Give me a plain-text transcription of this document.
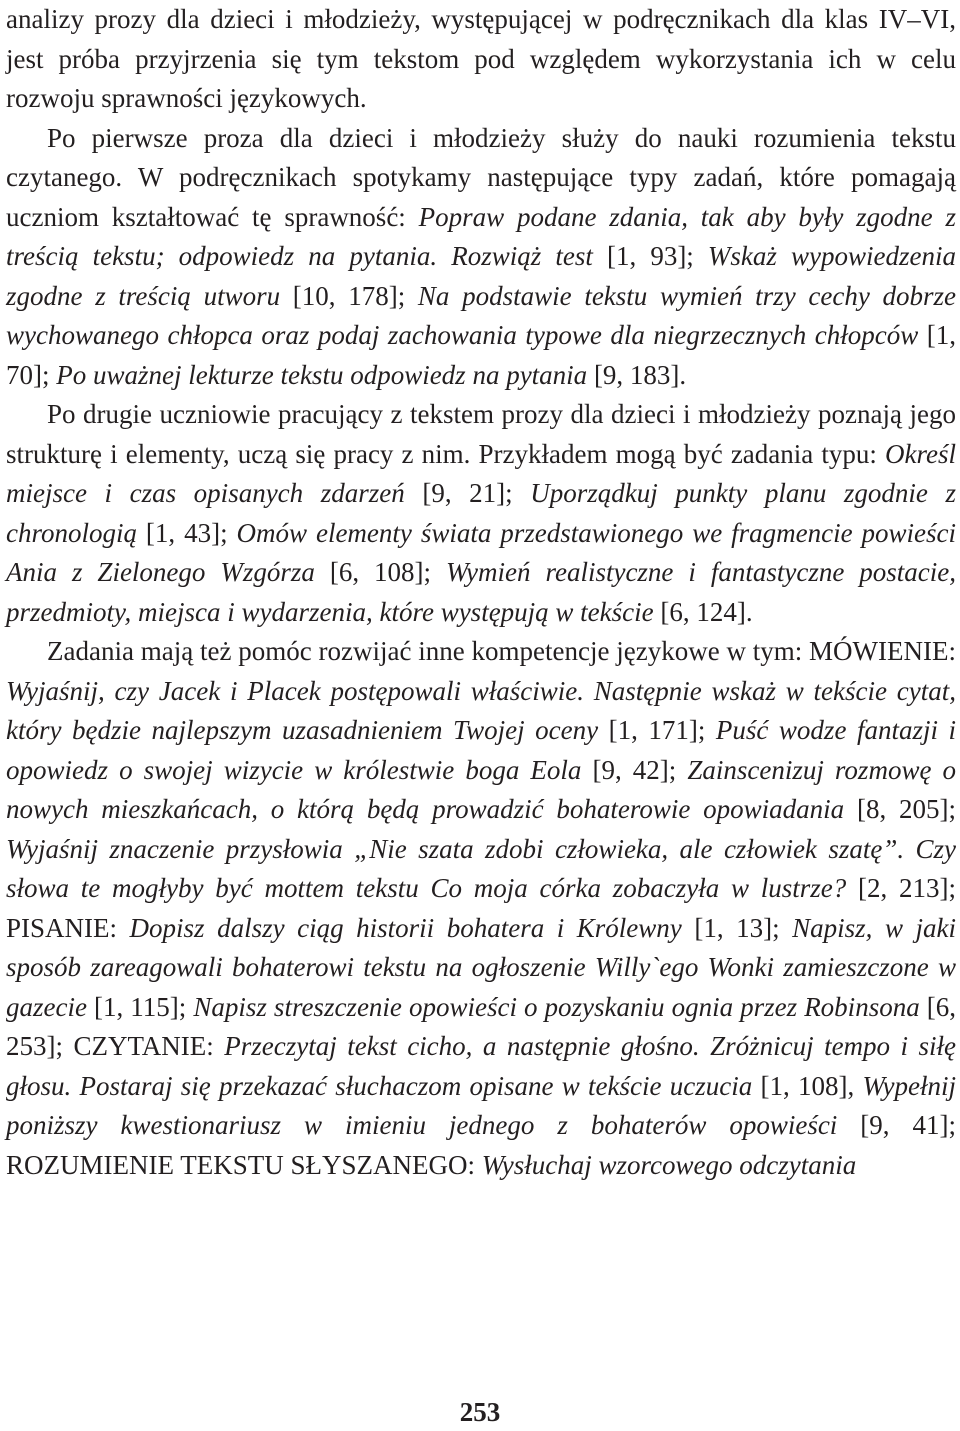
analizy prozy dla dzieci i młodzieży, występującej w podręcznikach dla klas IV–VI, jest próba przyjrzenia się tym tekstom pod względem wykorzystania ich w celu rozwoju sprawności językowych.

Po pierwsze proza dla dzieci i młodzieży służy do nauki rozumienia tekstu czytanego. W podręcznikach spotykamy następujące typy zadań, które pomagają uczniom kształtować tę sprawność: Popraw podane zdania, tak aby były zgodne z treścią tekstu; odpowiedz na pytania. Rozwiąż test [1, 93]; Wskaż wypowiedzenia zgodne z treścią utworu [10, 178]; Na podstawie tekstu wymień trzy cechy dobrze wychowanego chłopca oraz podaj zachowania typowe dla niegrzecznych chłopców [1, 70]; Po uważnej lekturze tekstu odpowiedz na pytania [9, 183].

Po drugie uczniowie pracujący z tekstem prozy dla dzieci i młodzieży poznają jego strukturę i elementy, uczą się pracy z nim. Przykładem mogą być zadania typu: Określ miejsce i czas opisanych zdarzeń [9, 21]; Uporządkuj punkty planu zgodnie z chronologią [1, 43]; Omów elementy świata przedstawionego we fragmencie powieści Ania z Zielonego Wzgórza [6, 108]; Wymień realistyczne i fantastyczne postacie, przedmioty, miejsca i wydarzenia, które występują w tekście [6, 124].

Zadania mają też pomóc rozwijać inne kompetencje językowe w tym: MÓWIENIE: Wyjaśnij, czy Jacek i Placek postępowali właściwie. Następnie wskaż w tekście cytat, który będzie najlepszym uzasadnieniem Twojej oceny [1, 171]; Puść wodze fantazji i opowiedz o swojej wizycie w królestwie boga Eola [9, 42]; Zainscenizuj rozmowę o nowych mieszkańcach, o którą będą prowadzić bohaterowie opowiadania [8, 205]; Wyjaśnij znaczenie przysłowia „Nie szata zdobi człowieka, ale człowiek szatę”. Czy słowa te mogłyby być mottem tekstu Co moja córka zobaczyła w lustrze? [2, 213]; PISANIE: Dopisz dalszy ciąg historii bohatera i Królewny [1, 13]; Napisz, w jaki sposób zareagowali bohaterowi tekstu na ogłoszenie Willy`ego Wonki zamieszczone w gazecie [1, 115]; Napisz streszczenie opowieści o pozyskaniu ognia przez Robinsona [6, 253]; CZYTANIE: Przeczytaj tekst cicho, a następnie głośno. Zróżnicuj tempo i siłę głosu. Postaraj się przekazać słuchaczom opisane w tekście uczucia [1, 108], Wypełnij poniższy kwestionariusz w imieniu jednego z bohaterów opowieści [9, 41]; ROZUMIENIE TEKSTU SŁYSZANEGO: Wysłuchaj wzorcowego odczytania

253
